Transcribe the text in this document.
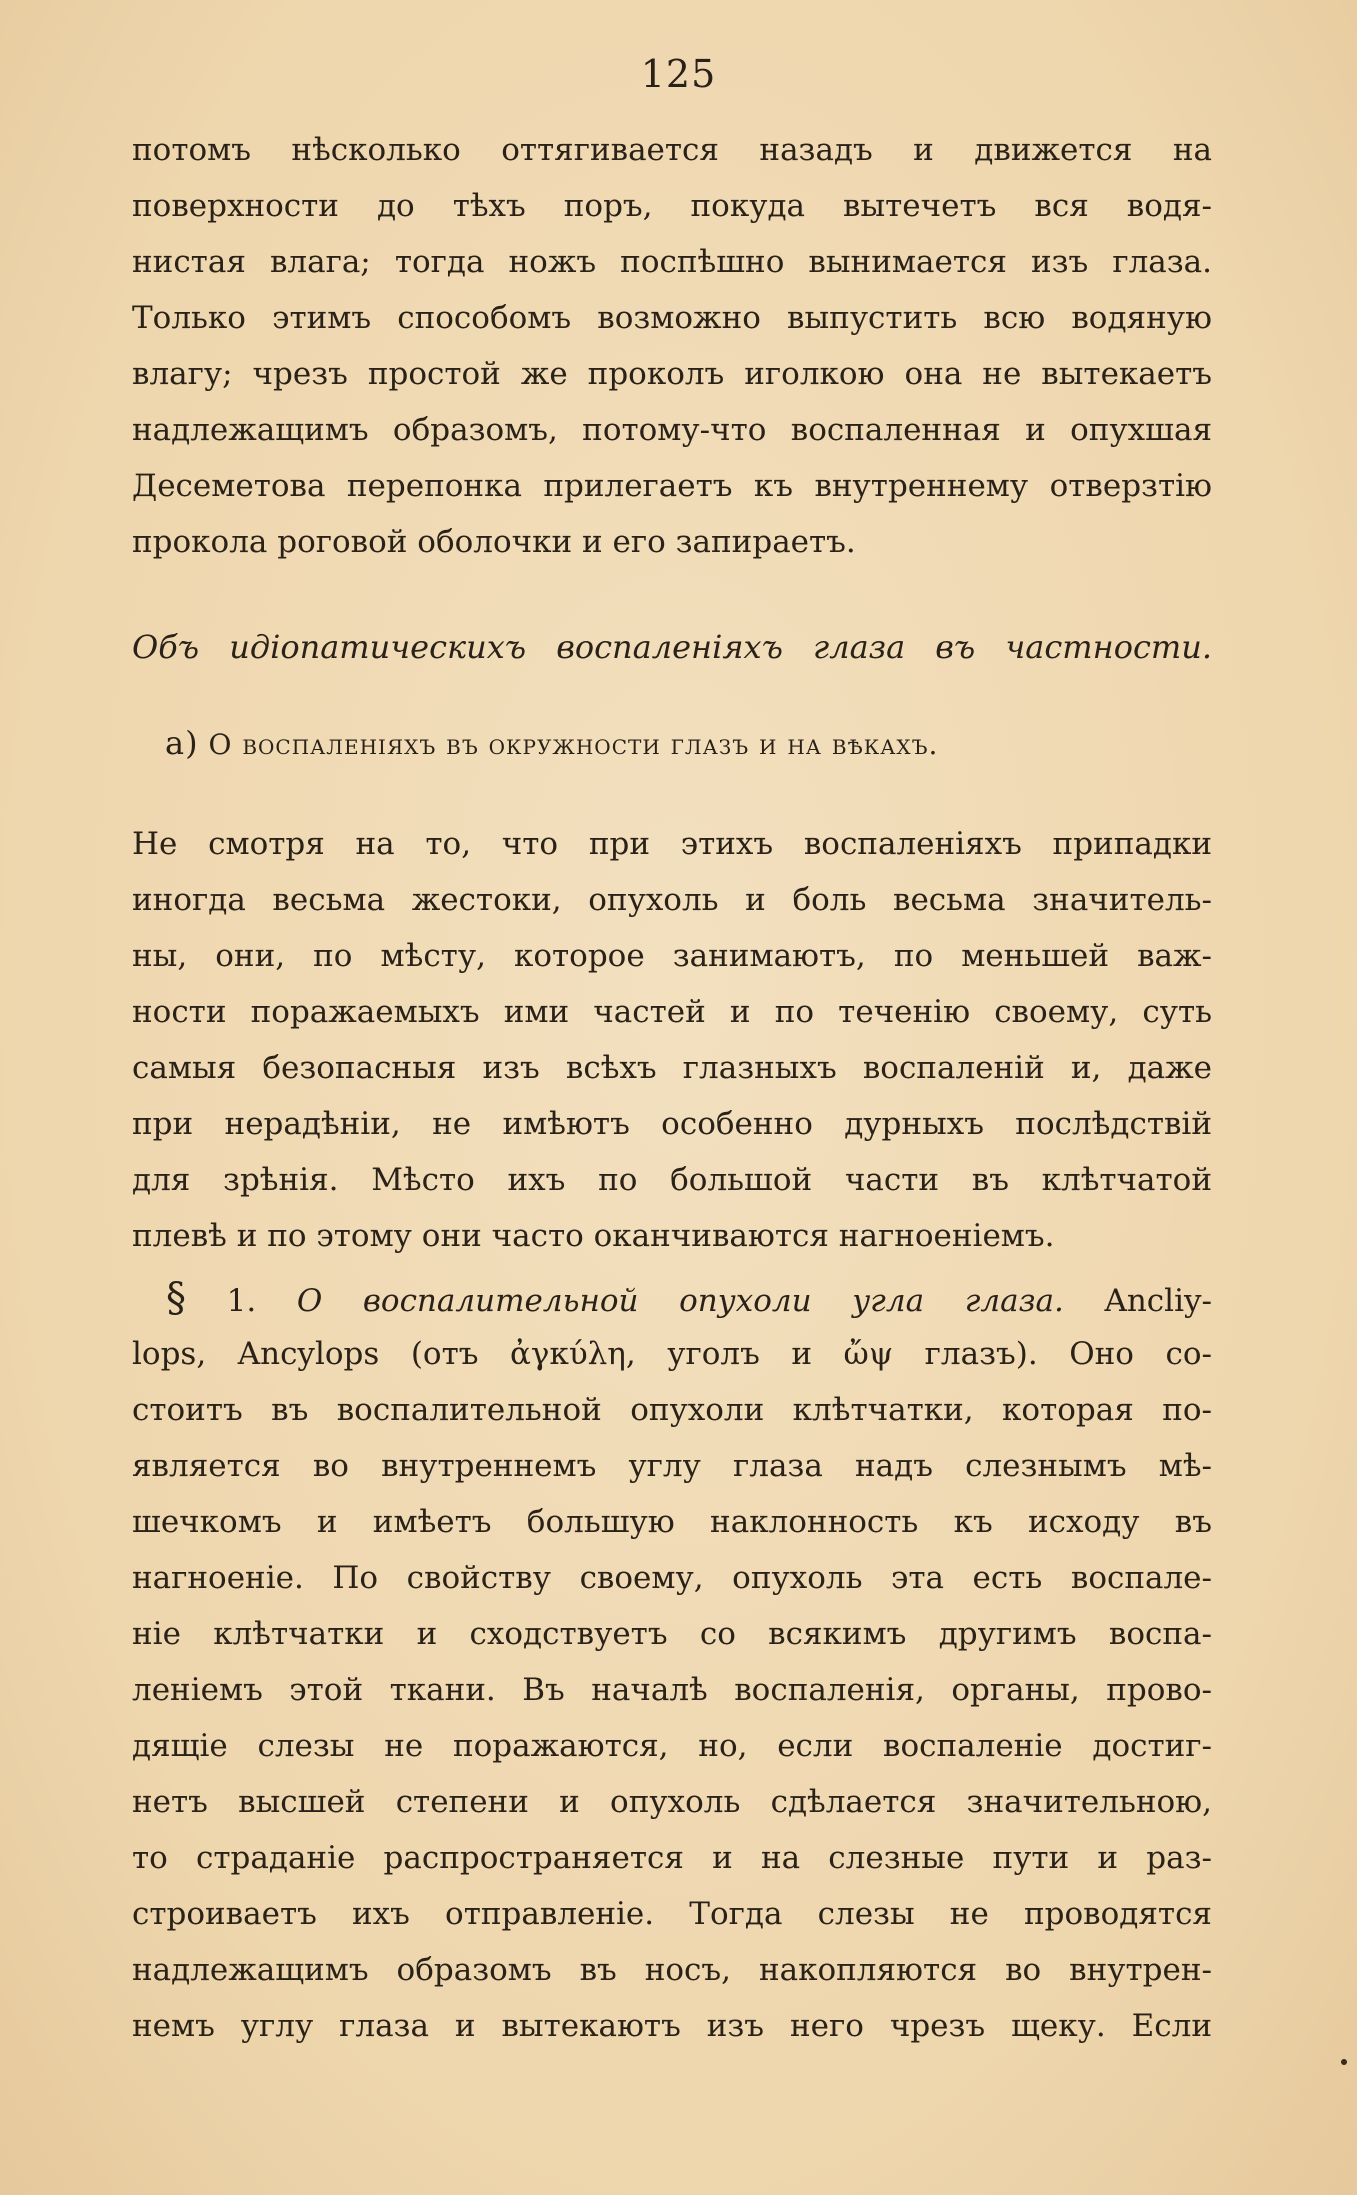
125
потомъ нѣсколько оттягивается назадъ и движется на
поверхности до тѣхъ поръ, покуда вытечетъ вся водя-
нистая влага; тогда ножъ поспѣшно вынимается изъ глаза.
Только этимъ способомъ возможно выпустить всю водяную
влагу; чрезъ простой же проколъ иголкою она не вытекаетъ
надлежащимъ образомъ, потому-что воспаленная и опухшая
Десеметова перепонка прилегаетъ къ внутреннему отверзтію
прокола роговой оболочки и его запираетъ.
Объ идіопатическихъ воспаленіяхъ глаза въ частности.
а) О воспаленіяхъ въ окружности глазъ и на вѣкахъ.
Не смотря на то, что при этихъ воспаленіяхъ припадки
иногда весьма жестоки, опухоль и боль весьма значитель-
ны, они, по мѣсту, которое занимаютъ, по меньшей важ-
ности поражаемыхъ ими частей и по теченію своему, суть
самыя безопасныя изъ всѣхъ глазныхъ воспаленій и, даже
при нерадѣніи, не имѣютъ особенно дурныхъ послѣдствій
для зрѣнія. Мѣсто ихъ по большой части въ клѣтчатой
плевѣ и по этому они часто оканчиваются нагноеніемъ.
§ 1. О воспалительной опухоли угла глаза. Ancliy-
lops, Ancylops (отъ ἀγκύλη, уголъ и ὤψ глазъ). Оно со-
стоитъ въ воспалительной опухоли клѣтчатки, которая по-
является во внутреннемъ углу глаза надъ слезнымъ мѣ-
шечкомъ и имѣетъ большую наклонность къ исходу въ
нагноеніе. По свойству своему, опухоль эта есть воспале-
ніе клѣтчатки и сходствуетъ со всякимъ другимъ воспа-
леніемъ этой ткани. Въ началѣ воспаленія, органы, прово-
дящіе слезы не поражаются, но, если воспаленіе достиг-
нетъ высшей степени и опухоль сдѣлается значительною,
то страданіе распространяется и на слезные пути и раз-
строиваетъ ихъ отправленіе. Тогда слезы не проводятся
надлежащимъ образомъ въ носъ, накопляются во внутрен-
немъ углу глаза и вытекаютъ изъ него чрезъ щеку. Если
